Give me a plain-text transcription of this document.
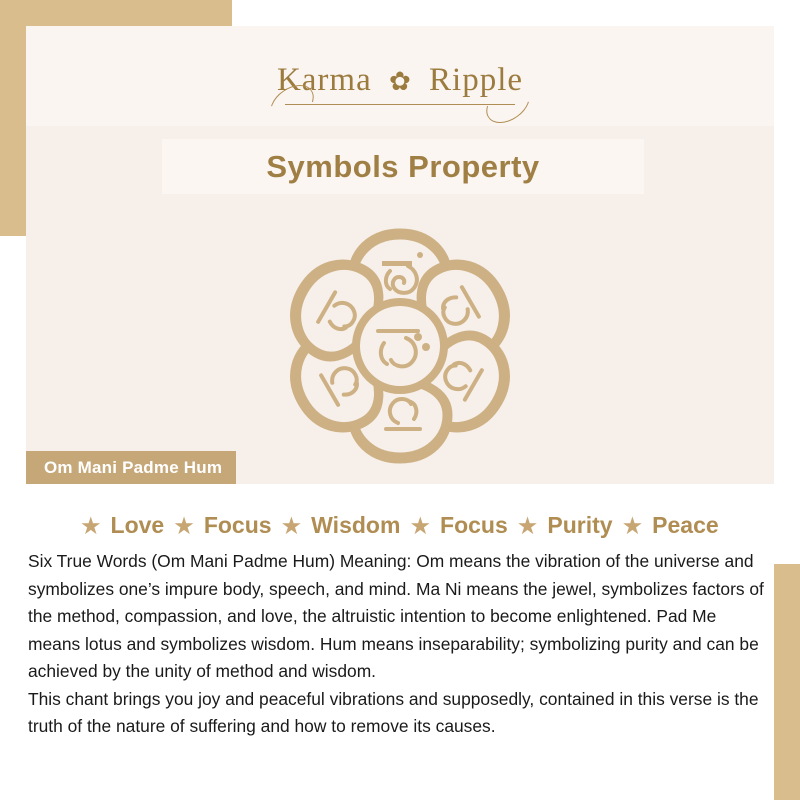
Karma ✿ Ripple
Symbols Property
Om Mani Padme Hum
★ Love ★ Focus ★ Wisdom ★ Focus ★ Purity ★ Peace

Six True Words (Om Mani Padme Hum) Meaning: Om means the vibration of the universe and symbolizes one’s impure body, speech, and mind. Ma Ni means the jewel, symbolizes factors of the method, compassion, and love, the altruistic intention to become enlightened. Pad Me means lotus and symbolizes wisdom. Hum means inseparability; symbolizing purity and can be achieved by the unity of method and wisdom.

This chant brings you joy and peaceful vibrations and supposedly, contained in this verse is the truth of the nature of suffering and how to remove its causes.
